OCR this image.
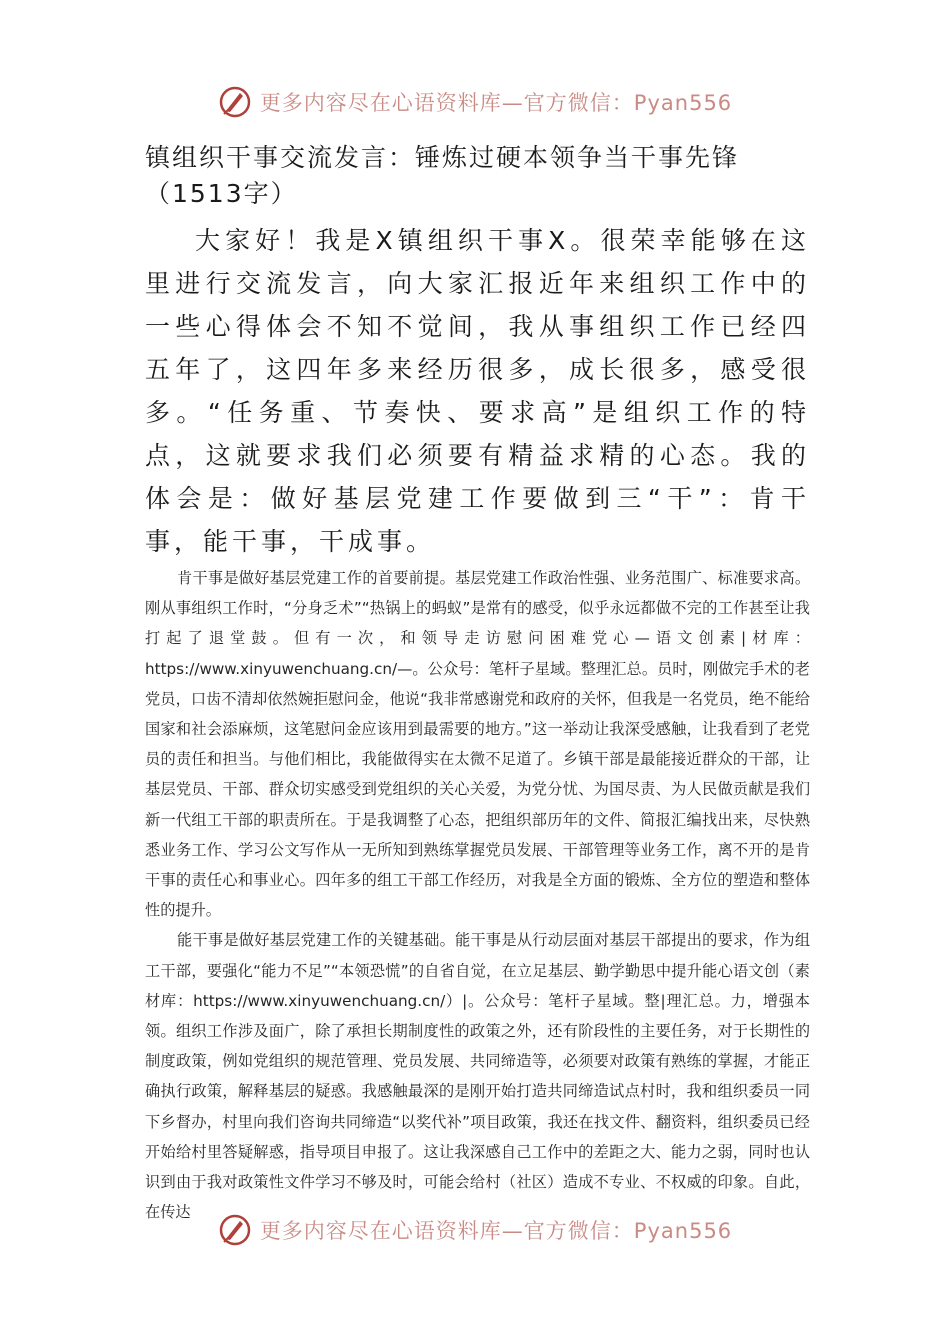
更多内容尽在心语资料库—官方微信：Pyan556
镇组织干事交流发言：锤炼过硬本领争当干事先锋（1513字）

大家好！我是X镇组织干事X。很荣幸能够在这里进行交流发言，向大家汇报近年来组织工作中的一些心得体会不知不觉间，我从事组织工作已经四五年了，这四年多来经历很多，成长很多，感受很多。“任务重、节奏快、要求高”是组织工作的特点，这就要求我们必须要有精益求精的心态。我的体会是：做好基层党建工作要做到三“干”：肯干事，能干事，干成事。

肯干事是做好基层党建工作的首要前提。基层党建工作政治性强、业务范围广、标准要求高。刚从事组织工作时，“分身乏术”“热锅上的蚂蚁”是常有的感受，似乎永远都做不完的工作甚至让我打起了退堂鼓。但有一次，和领导走访慰问困难党心—语文创素|材库：https://www.xinyuwenchuang.cn/—。公众号：笔杆子星域。整理汇总。员时，刚做完手术的老党员，口齿不清却依然婉拒慰问金，他说“我非常感谢党和政府的关怀，但我是一名党员，绝不能给国家和社会添麻烦，这笔慰问金应该用到最需要的地方。”这一举动让我深受感触，让我看到了老党员的责任和担当。与他们相比，我能做得实在太微不足道了。乡镇干部是最能接近群众的干部，让基层党员、干部、群众切实感受到党组织的关心关爱，为党分忧、为国尽责、为人民做贡献是我们新一代组工干部的职责所在。于是我调整了心态，把组织部历年的文件、简报汇编找出来，尽快熟悉业务工作、学习公文写作从一无所知到熟练掌握党员发展、干部管理等业务工作，离不开的是肯干事的责任心和事业心。四年多的组工干部工作经历，对我是全方面的锻炼、全方位的塑造和整体性的提升。

能干事是做好基层党建工作的关键基础。能干事是从行动层面对基层干部提出的要求，作为组工干部，要强化“能力不足”“本领恐慌”的自省自觉，在立足基层、勤学勤思中提升能心语文创（素材库：https://www.xinyuwenchuang.cn/）|。公众号：笔杆子星域。整|理汇总。力，增强本领。组织工作涉及面广，除了承担长期制度性的政策之外，还有阶段性的主要任务，对于长期性的制度政策，例如党组织的规范管理、党员发展、共同缔造等，必须要对政策有熟练的掌握，才能正确执行政策，解释基层的疑惑。我感触最深的是刚开始打造共同缔造试点村时，我和组织委员一同下乡督办，村里向我们咨询共同缔造“以奖代补”项目政策，我还在找文件、翻资料，组织委员已经开始给村里答疑解惑，指导项目申报了。这让我深感自己工作中的差距之大、能力之弱，同时也认识到由于我对政策性文件学习不够及时，可能会给村（社区）造成不专业、不权威的印象。自此，在传达

更多内容尽在心语资料库—官方微信：Pyan556
